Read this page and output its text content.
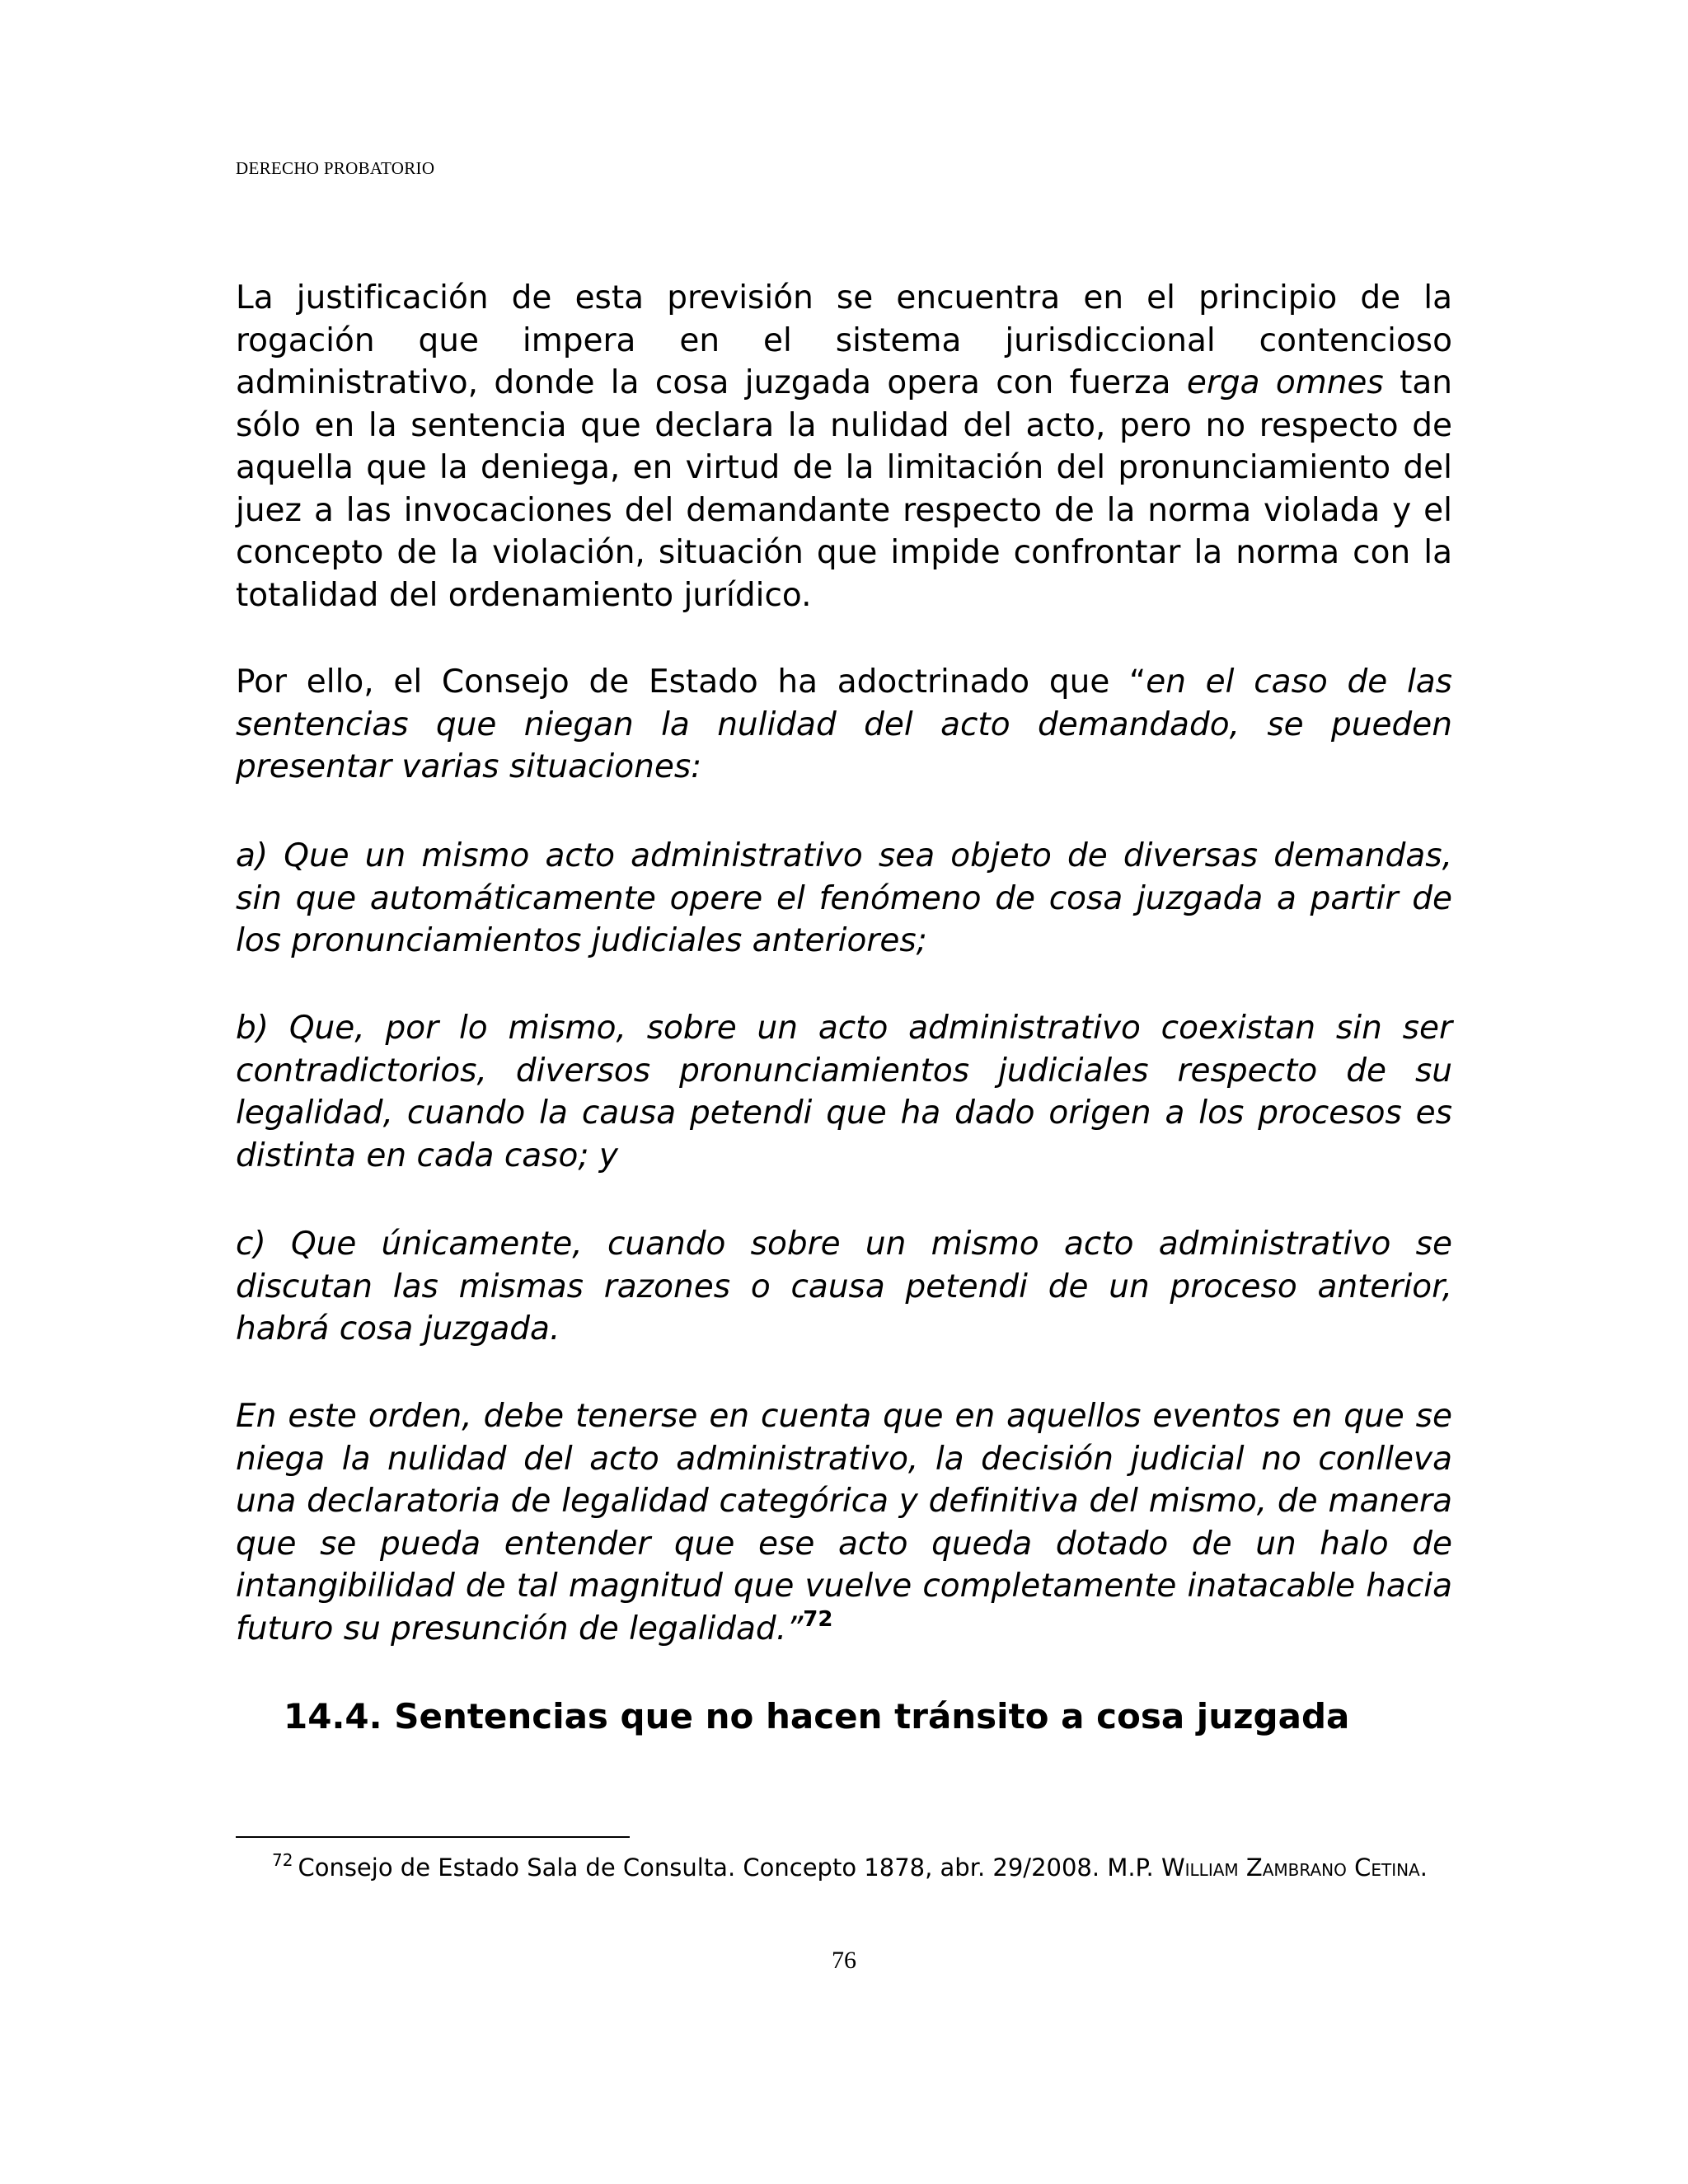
DERECHO PROBATORIO

La justificación de esta previsión se encuentra en el principio de la rogación que impera en el sistema jurisdiccional contencioso administrativo, donde la cosa juzgada opera con fuerza erga omnes tan sólo en la sentencia que declara la nulidad del acto, pero no respecto de aquella que la deniega, en virtud de la limitación del pronunciamiento del juez a las invocaciones del demandante respecto de la norma violada y el concepto de la violación, situación que impide confrontar la norma con la totalidad del ordenamiento jurídico.

Por ello, el Consejo de Estado ha adoctrinado que “en el caso de las sentencias que niegan la nulidad del acto demandado, se pueden presentar varias situaciones:

a) Que un mismo acto administrativo sea objeto de diversas demandas, sin que automáticamente opere el fenómeno de cosa juzgada a partir de los pronunciamientos judiciales anteriores;

b) Que, por lo mismo, sobre un acto administrativo coexistan sin ser contradictorios, diversos pronunciamientos judiciales respecto de su legalidad, cuando la causa petendi que ha dado origen a los procesos es distinta en cada caso; y

c) Que únicamente, cuando sobre un mismo acto administrativo se discutan las mismas razones o causa petendi de un proceso anterior, habrá cosa juzgada.

En este orden, debe tenerse en cuenta que en aquellos eventos en que se niega la nulidad del acto administrativo, la decisión judicial no conlleva una declaratoria de legalidad categórica y definitiva del mismo, de manera que se pueda entender que ese acto queda dotado de un halo de intangibilidad de tal magnitud que vuelve completamente inatacable hacia futuro su presunción de legalidad.”$^{72}$

14.4. Sentencias que no hacen tránsito a cosa juzgada

$^{72}$ Consejo de Estado Sala de Consulta. Concepto 1878, abr. 29/2008. M.P. William Zambrano Cetina.

76
